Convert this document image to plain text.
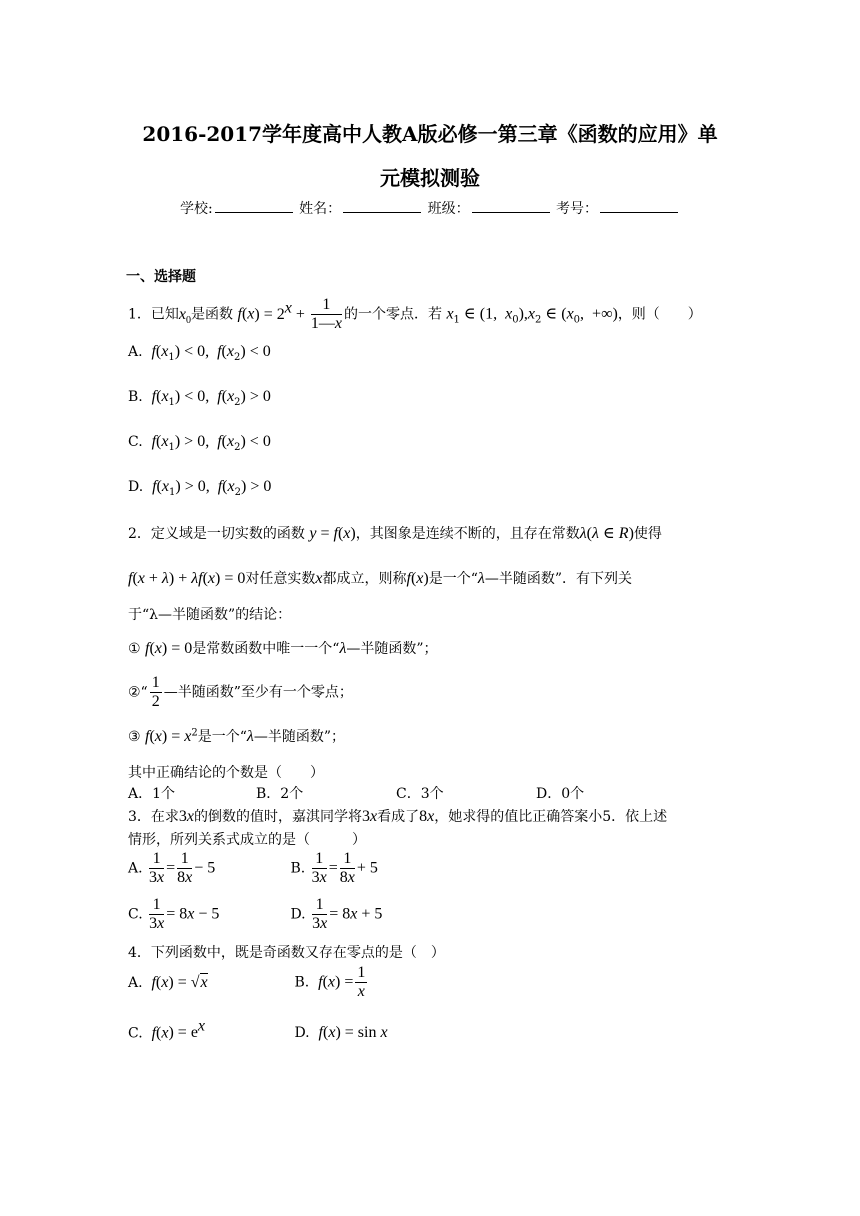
2016-2017学年度高中人教A版必修一第三章《函数的应用》单
元模拟测验
学校:	姓名：	班级：	考号：
一、选择题
1．已知$x_0$是函数 $f(x) = 2^x + \frac{1}{1—x}$ 的一个零点．若 $x_1$ ∈ (1,  $x_0),x_2$ ∈ ($x_0$,  +∞)，则（　　）
A. $f(x_1) < 0$,  $f(x_2) < 0$
B. $f(x_1) < 0$,  $f(x_2) > 0$
C. $f(x_1) > 0$,  $f(x_2) < 0$
D. $f(x_1) > 0$,  $f(x_2) > 0$
2．定义域是一切实数的函数 y = f(x)，其图象是连续不断的，且存在常数λ(λ ∈ R)使得
f(x + λ) + λf(x) = 0对任意实数x都成立，则称f(x)是一个“λ—半随函数”．有下列关
于“λ—半随函数”的结论：
① f(x) = 0是常数函数中唯一一个“λ—半随函数”；
②“ $\frac{1}{2}$ —半随函数”至少有一个零点；
③ $f(x) = x^2$是一个“λ—半随函数”；
其中正确结论的个数是（　　）
A．1个	B．2个	C．3个	D．0个
3．在求3x的倒数的值时，嘉淇同学将3x看成了8x，她求得的值比正确答案小5．依上述
情形，所列关系式成立的是（　　　）
A. $\frac{1}{3x} = \frac{1}{8x} - 5$	B. $\frac{1}{3x} = \frac{1}{8x} + 5$
C. $\frac{1}{3x} = 8x - 5$	D. $\frac{1}{3x} = 8x + 5$
4．下列函数中，既是奇函数又存在零点的是（　）
A. f(x) = √x	B. $f(x) = \frac{1}{x}$
C. $f(x) = e^x$	D. f(x) = sin x
